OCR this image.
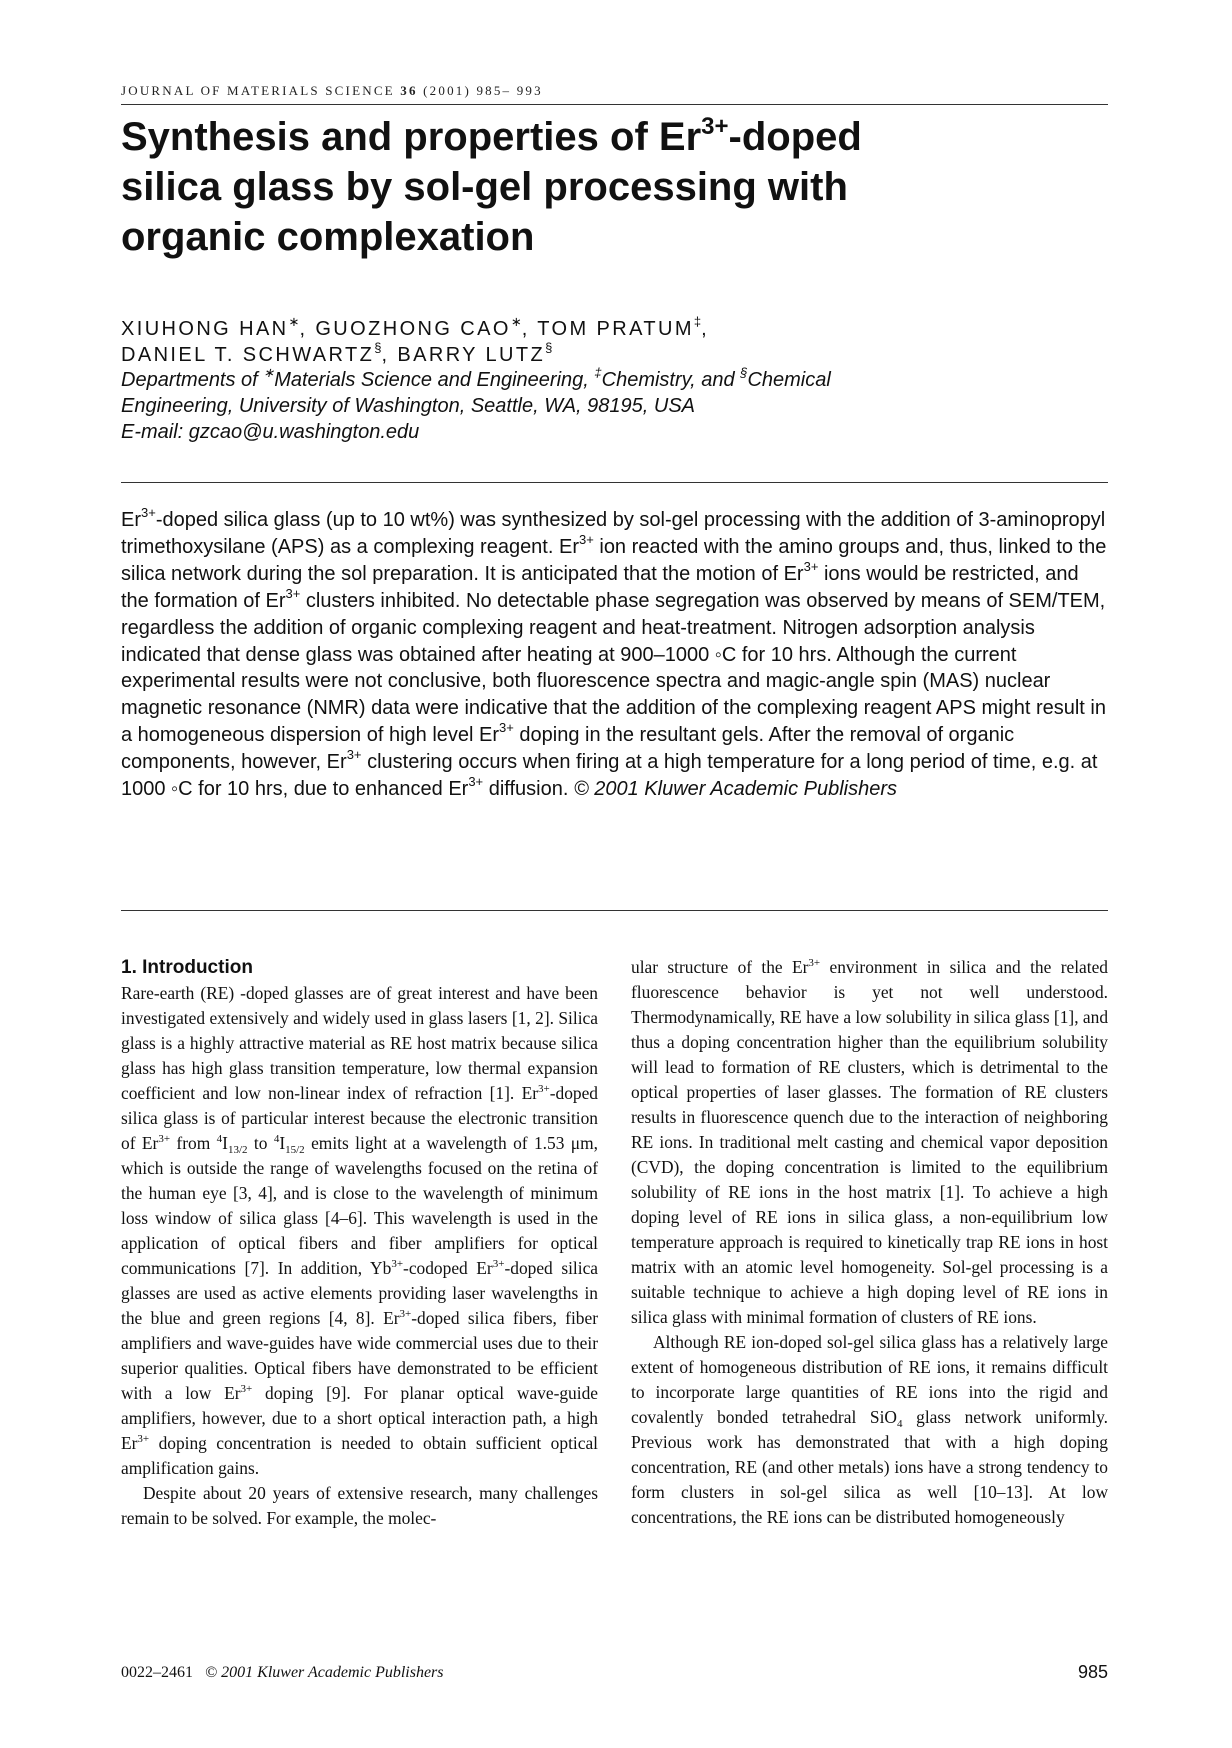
JOURNAL OF MATERIALS SCIENCE 36 (2001) 985– 993
Synthesis and properties of $Er^{3+}$-doped
silica glass by sol-gel processing with
organic complexation
XIUHONG HAN∗, GUOZHONG CAO∗, TOM PRATUM‡,
DANIEL T. SCHWARTZ§, BARRY LUTZ§
Departments of ∗Materials Science and Engineering, ‡Chemistry, and §Chemical
Engineering, University of Washington, Seattle, WA, 98195, USA
E-mail: gzcao@u.washington.edu
$Er^{3+}$-doped silica glass (up to 10 wt%) was synthesized by sol-gel processing with the addition of 3-aminopropyl trimethoxysilane (APS) as a complexing reagent. $Er^{3+}$ ion reacted with the amino groups and, thus, linked to the silica network during the sol preparation. It is anticipated that the motion of $Er^{3+}$ ions would be restricted, and the formation of $Er^{3+}$ clusters inhibited. No detectable phase segregation was observed by means of SEM/TEM, regardless the addition of organic complexing reagent and heat-treatment. Nitrogen adsorption analysis indicated that dense glass was obtained after heating at 900–1000 ◦C for 10 hrs. Although the current experimental results were not conclusive, both fluorescence spectra and magic-angle spin (MAS) nuclear magnetic resonance (NMR) data were indicative that the addition of the complexing reagent APS might result in a homogeneous dispersion of high level $Er^{3+}$ doping in the resultant gels. After the removal of organic components, however, $Er^{3+}$ clustering occurs when firing at a high temperature for a long period of time, e.g. at 1000 ◦C for 10 hrs, due to enhanced $Er^{3+}$ diffusion. © 2001 Kluwer Academic Publishers
1. Introduction

Rare-earth (RE) -doped glasses are of great interest and have been investigated extensively and widely used in glass lasers [1, 2]. Silica glass is a highly attractive material as RE host matrix because silica glass has high glass transition temperature, low thermal expansion coefficient and low non-linear index of refraction [1]. $Er^{3+}$-doped silica glass is of particular interest because the electronic transition of $Er^{3+}$ from $^4I_{13/2}$ to $^4I_{15/2}$ emits light at a wavelength of 1.53 μm, which is outside the range of wavelengths focused on the retina of the human eye [3, 4], and is close to the wavelength of minimum loss window of silica glass [4–6]. This wavelength is used in the application of optical fibers and fiber amplifiers for optical communications [7]. In addition, $Yb^{3+}$-codoped $Er^{3+}$-doped silica glasses are used as active elements providing laser wavelengths in the blue and green regions [4, 8]. $Er^{3+}$-doped silica fibers, fiber amplifiers and wave-guides have wide commercial uses due to their superior qualities. Optical fibers have demonstrated to be efficient with a low $Er^{3+}$ doping [9]. For planar optical wave-guide amplifiers, however, due to a short optical interaction path, a high $Er^{3+}$ doping concentration is needed to obtain sufficient optical amplification gains.

Despite about 20 years of extensive research, many challenges remain to be solved. For example, the molec-

ular structure of the $Er^{3+}$ environment in silica and the related fluorescence behavior is yet not well understood. Thermodynamically, RE have a low solubility in silica glass [1], and thus a doping concentration higher than the equilibrium solubility will lead to formation of RE clusters, which is detrimental to the optical properties of laser glasses. The formation of RE clusters results in fluorescence quench due to the interaction of neighboring RE ions. In traditional melt casting and chemical vapor deposition (CVD), the doping concentration is limited to the equilibrium solubility of RE ions in the host matrix [1]. To achieve a high doping level of RE ions in silica glass, a non-equilibrium low temperature approach is required to kinetically trap RE ions in host matrix with an atomic level homogeneity. Sol-gel processing is a suitable technique to achieve a high doping level of RE ions in silica glass with minimal formation of clusters of RE ions.

Although RE ion-doped sol-gel silica glass has a relatively large extent of homogeneous distribution of RE ions, it remains difficult to incorporate large quantities of RE ions into the rigid and covalently bonded tetrahedral SiO$_4$ glass network uniformly. Previous work has demonstrated that with a high doping concentration, RE (and other metals) ions have a strong tendency to form clusters in sol-gel silica as well [10–13]. At low concentrations, the RE ions can be distributed homogeneously

0022–2461 © 2001 Kluwer Academic Publishers	985
